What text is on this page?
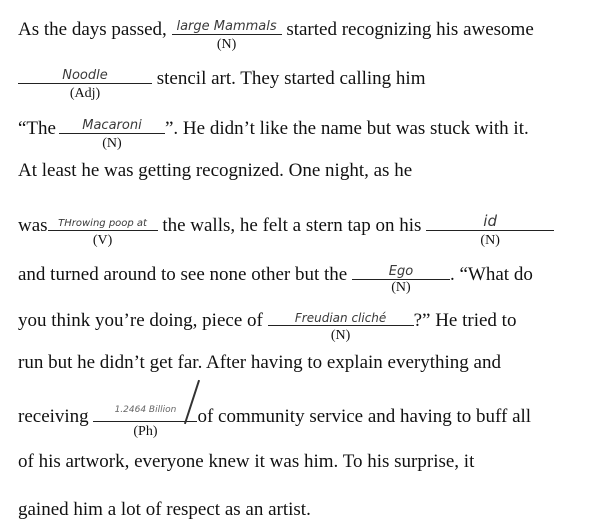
As the days passed, large Mammals
(N)
started recognizing his awesome
Noodle
(Adj)
stencil art. They started calling him
“The	Macaroni
(N)
”. He didn’t like the name but was stuck with it.
At least he was getting recognized. One night, as he
was	THrowing poop at
(V)
the walls, he felt a stern tap on his	id
(N)
and turned around to see none other but the	Ego
(N)
. “What do
you think you’re doing, piece of	Freudian cliché
(N)
?” He tried to
run but he didn’t get far. After having to explain everything and
receiving	1.2464 Billion
(Ph)
of community service and having to buff all
of his artwork, everyone knew it was him. To his surprise, it
gained him a lot of respect as an artist.
